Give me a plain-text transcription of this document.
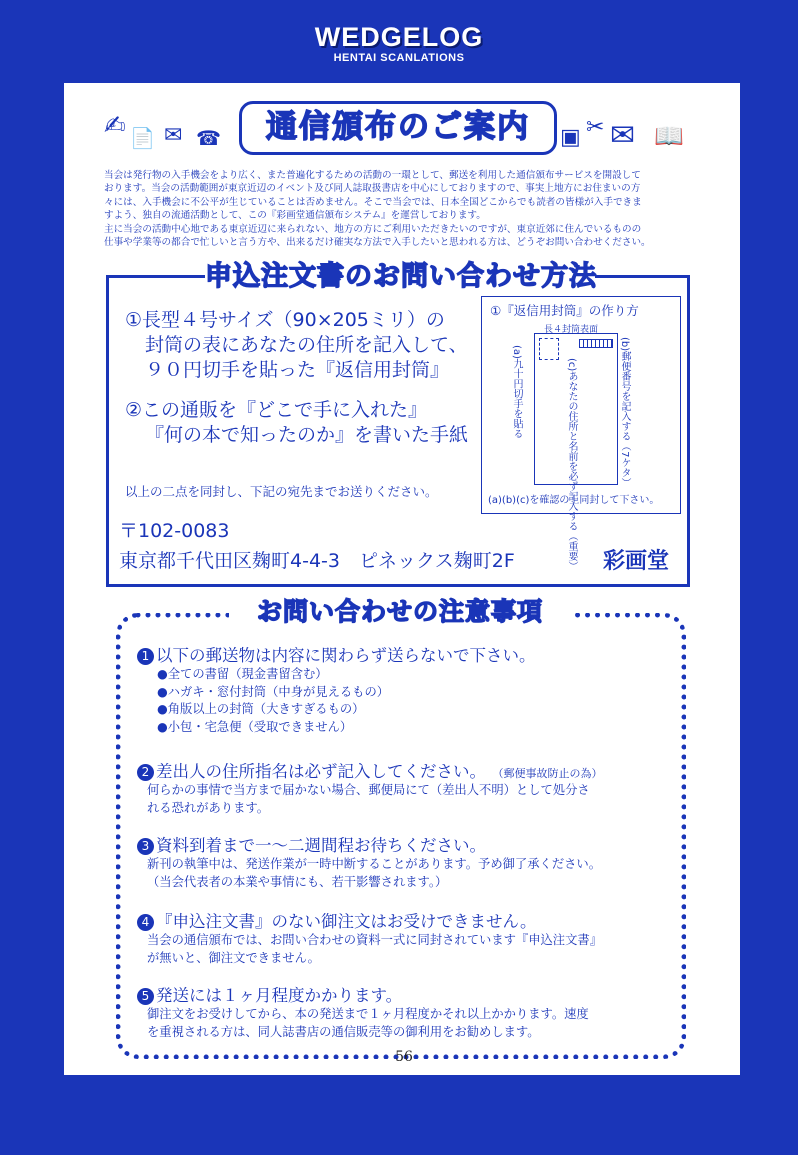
WEDGELOG
HENTAI SCANLATIONS
✍ 📄 ✉ ☎	▣ ✂ ✉ 📖
通信頒布のご案内
当会は発行物の入手機会をより広く、また普遍化するための活動の一環として、郵送を利用した通信頒布サービスを開設して
おります。当会の活動範囲が東京近辺のイベント及び同人誌取扱書店を中心にしておりますので、事実上地方にお住まいの方
々には、入手機会に不公平が生じていることは否めません。そこで当会では、日本全国どこからでも読者の皆様が入手できま
すよう、独自の流通活動として、この『彩画堂通信頒布システム』を運営しております。
主に当会の活動中心地である東京近辺に来られない、地方の方にご利用いただきたいのですが、東京近郊に住んでいるものの
仕事や学業等の都合で忙しいと言う方や、出来るだけ確実な方法で入手したいと思われる方は、どうぞお問い合わせください。
申込注文書のお問い合わせ方法
①長型４号サイズ（90×205ミリ）の
封筒の表にあなたの住所を記入して、
９０円切手を貼った『返信用封筒』
②この通販を『どこで手に入れた』
『何の本で知ったのか』を書いた手紙
①『返信用封筒』の作り方
長４封筒表面
(a)九十円切手を貼る	(c)あなたの住所と名前を必ず記入する（重要）	(b)郵便番号を記入する（7ケタ）
(a)(b)(c)を確認の上同封して下さい。
以上の二点を同封し、下記の宛先までお送りください。
〒102-0083
東京都千代田区麹町4-4-3　ピネックス麹町2F	彩画堂
お問い合わせの注意事項
1 以下の郵送物は内容に関わらず送らないで下さい。
●全ての書留（現金書留含む）
●ハガキ・窓付封筒（中身が見えるもの）
●角版以上の封筒（大きすぎるもの）
●小包・宅急便（受取できません）
2 差出人の住所指名は必ず記入してください。 （郵便事故防止の為）
何らかの事情で当方まで届かない場合、郵便局にて（差出人不明）として処分さ
れる恐れがあります。
3 資料到着まで一～二週間程お待ちください。
新刊の執筆中は、発送作業が一時中断することがあります。予め御了承ください。
（当会代表者の本業や事情にも、若干影響されます。）
4 『申込注文書』のない御注文はお受けできません。
当会の通信頒布では、お問い合わせの資料一式に同封されています『申込注文書』
が無いと、御注文できません。
5 発送には１ヶ月程度かかります。
御注文をお受けしてから、本の発送まで１ヶ月程度かそれ以上かかります。速度
を重視される方は、同人誌書店の通信販売等の御利用をお勧めします。
56
